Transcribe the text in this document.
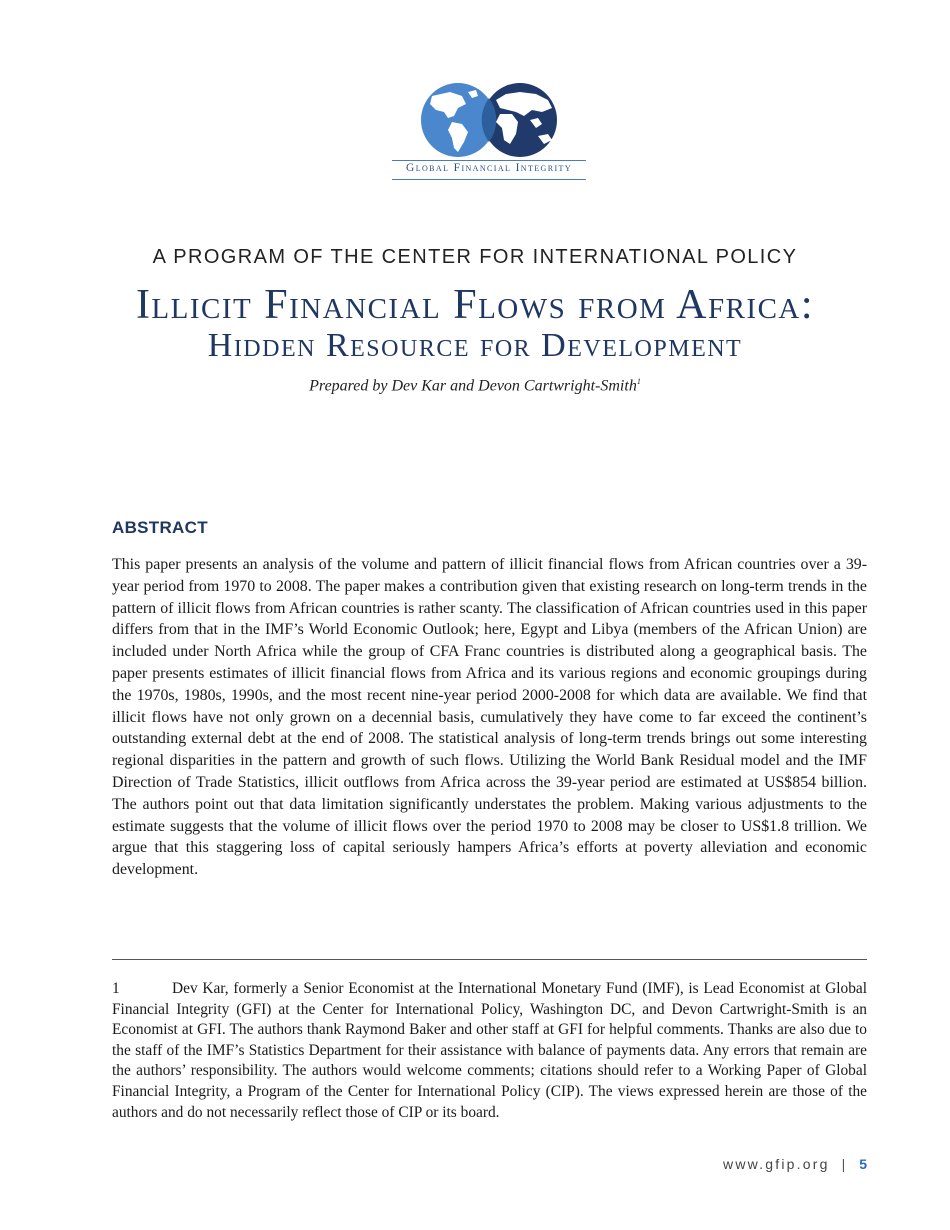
Global Financial Integrity
A PROGRAM OF THE CENTER FOR INTERNATIONAL POLICY
Illicit Financial Flows from Africa:
Hidden Resource for Development
Prepared by Dev Kar and Devon Cartwright-Smith$^1$
ABSTRACT
This paper presents an analysis of the volume and pattern of illicit financial flows from African countries over a 39-year period from 1970 to 2008. The paper makes a contribution given that existing research on long-term trends in the pattern of illicit flows from African countries is rather scanty. The classification of African countries used in this paper differs from that in the IMF’s World Economic Outlook; here, Egypt and Libya (members of the African Union) are included under North Africa while the group of CFA Franc countries is distributed along a geographical basis. The paper presents estimates of illicit financial flows from Africa and its various regions and economic groupings during the 1970s, 1980s, 1990s, and the most recent nine-year period 2000-2008 for which data are available. We find that illicit flows have not only grown on a decennial basis, cumulatively they have come to far exceed the continent’s outstanding external debt at the end of 2008. The statistical analysis of long-term trends brings out some interesting regional disparities in the pattern and growth of such flows. Utilizing the World Bank Residual model and the IMF Direction of Trade Statistics, illicit outflows from Africa across the 39-year period are estimated at US$854 billion. The authors point out that data limitation significantly understates the problem. Making various adjustments to the estimate suggests that the volume of illicit flows over the period 1970 to 2008 may be closer to US$1.8 trillion. We argue that this staggering loss of capital seriously hampers Africa’s efforts at poverty alleviation and economic development.
1	Dev Kar, formerly a Senior Economist at the International Monetary Fund (IMF), is Lead Economist at Global Financial Integrity (GFI) at the Center for International Policy, Washington DC, and Devon Cartwright-Smith is an Economist at GFI. The authors thank Raymond Baker and other staff at GFI for helpful comments. Thanks are also due to the staff of the IMF’s Statistics Department for their assistance with balance of payments data. Any errors that remain are the authors’ responsibility. The authors would welcome comments; citations should refer to a Working Paper of Global Financial Integrity, a Program of the Center for International Policy (CIP). The views expressed herein are those of the authors and do not necessarily reflect those of CIP or its board.
www.gfip.org | 5
